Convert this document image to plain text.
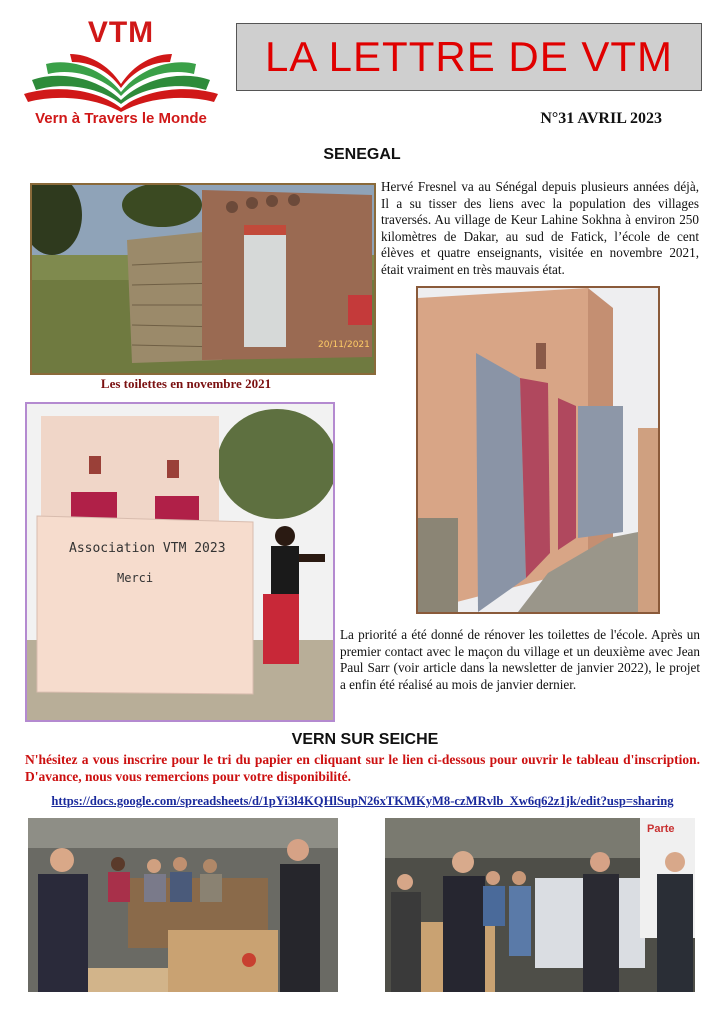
VTM
Vern à Travers le Monde
LA LETTRE DE VTM
N°31 AVRIL 2023
SENEGAL
20/11/2021
Les toilettes en novembre 2021
Hervé Fresnel va au Sénégal depuis plusieurs années déjà, Il a su tisser des liens avec la population des villages traversés. Au village de Keur Lahine Sokhna à environ 250 kilomètres de Dakar, au sud de Fatick, l’école de cent élèves et quatre enseignants, visitée en novembre 2021, était vraiment en très mauvais état.
Association VTM 2023
Merci
La priorité a été donné de rénover les toilettes de l'école. Après un premier contact avec le maçon du village et un deuxième avec Jean Paul Sarr (voir article dans la newsletter de janvier 2022), le projet a enfin été réalisé au mois de janvier dernier.
VERN SUR SEICHE
N'hésitez a vous inscrire pour le tri du papier en cliquant sur le lien ci-dessous pour ouvrir le tableau d'inscription. D'avance, nous vous remercions pour votre disponibilité.
https://docs.google.com/spreadsheets/d/1pYi3l4KQHlSupN26xTKMKyM8-czMRvlb_Xw6q62z1jk/edit?usp=sharing
Parte
